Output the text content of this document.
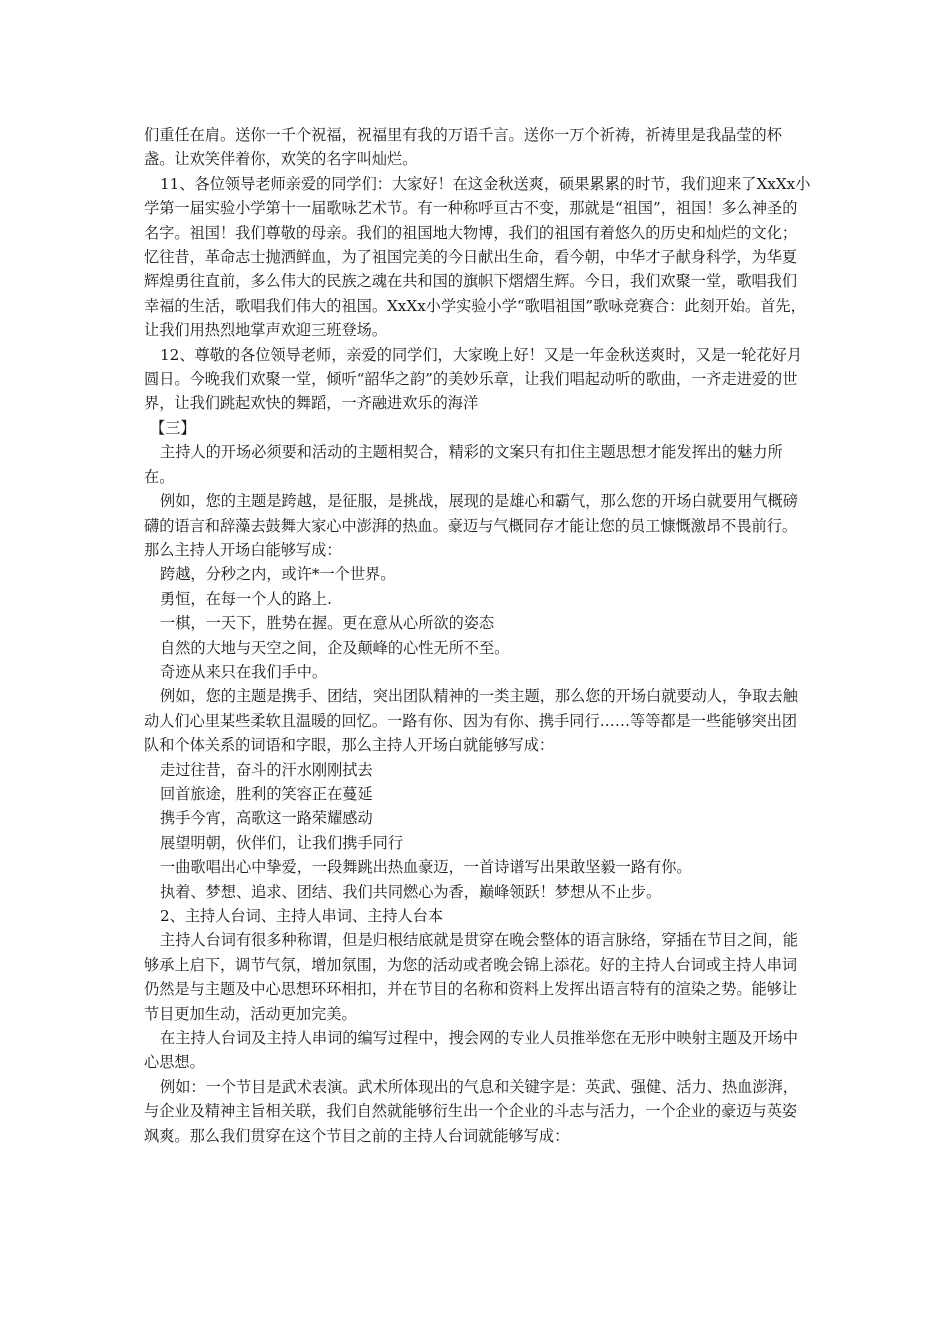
们重任在肩。送你一千个祝福，祝福里有我的万语千言。送你一万个祈祷，祈祷里是我晶莹的杯盏。让欢笑伴着你，欢笑的名字叫灿烂。

11、各位领导老师亲爱的同学们：大家好！在这金秋送爽，硕果累累的时节，我们迎来了XxXx小学第一届实验小学第十一届歌咏艺术节。有一种称呼亘古不变，那就是“祖国”，祖国！多么神圣的名字。祖国！我们尊敬的母亲。我们的祖国地大物博，我们的祖国有着悠久的历史和灿烂的文化；忆往昔，革命志士抛洒鲜血，为了祖国完美的今日献出生命，看今朝，中华才子献身科学，为华夏辉煌勇往直前，多么伟大的民族之魂在共和国的旗帜下熠熠生辉。今日，我们欢聚一堂，歌唱我们幸福的生活，歌唱我们伟大的祖国。XxXx小学实验小学“歌唱祖国”歌咏竞赛合：此刻开始。首先，让我们用热烈地掌声欢迎三班登场。

12、尊敬的各位领导老师，亲爱的同学们，大家晚上好！又是一年金秋送爽时，又是一轮花好月圆日。今晚我们欢聚一堂，倾听“韶华之韵”的美妙乐章，让我们唱起动听的歌曲，一齐走进爱的世界，让我们跳起欢快的舞蹈，一齐融进欢乐的海洋

【三】

主持人的开场必须要和活动的主题相契合，精彩的文案只有扣住主题思想才能发挥出的魅力所在。

例如，您的主题是跨越，是征服，是挑战，展现的是雄心和霸气，那么您的开场白就要用气概磅礴的语言和辞藻去鼓舞大家心中澎湃的热血。豪迈与气概同存才能让您的员工慷慨激昂不畏前行。那么主持人开场白能够写成：

跨越，分秒之内，或许*一个世界。

勇恒，在每一个人的路上.

一棋，一天下，胜势在握。更在意从心所欲的姿态

自然的大地与天空之间，企及颠峰的心性无所不至。

奇迹从来只在我们手中。

例如，您的主题是携手、团结，突出团队精神的一类主题，那么您的开场白就要动人，争取去触动人们心里某些柔软且温暖的回忆。一路有你、因为有你、携手同行……等等都是一些能够突出团队和个体关系的词语和字眼，那么主持人开场白就能够写成：

走过往昔，奋斗的汗水刚刚拭去

回首旅途，胜利的笑容正在蔓延

携手今宵，高歌这一路荣耀感动

展望明朝，伙伴们，让我们携手同行

一曲歌唱出心中挚爱，一段舞跳出热血豪迈，一首诗谱写出果敢坚毅一路有你。

执着、梦想、追求、团结、我们共同燃心为香，巅峰领跃！梦想从不止步。

2、主持人台词、主持人串词、主持人台本

主持人台词有很多种称谓，但是归根结底就是贯穿在晚会整体的语言脉络，穿插在节目之间，能够承上启下，调节气氛，增加氛围，为您的活动或者晚会锦上添花。好的主持人台词或主持人串词仍然是与主题及中心思想环环相扣，并在节目的名称和资料上发挥出语言特有的渲染之势。能够让节目更加生动，活动更加完美。

在主持人台词及主持人串词的编写过程中，搜会网的专业人员推举您在无形中映射主题及开场中心思想。

例如：一个节目是武术表演。武术所体现出的气息和关键字是：英武、强健、活力、热血澎湃，与企业及精神主旨相关联，我们自然就能够衍生出一个企业的斗志与活力，一个企业的豪迈与英姿飒爽。那么我们贯穿在这个节目之前的主持人台词就能够写成：
